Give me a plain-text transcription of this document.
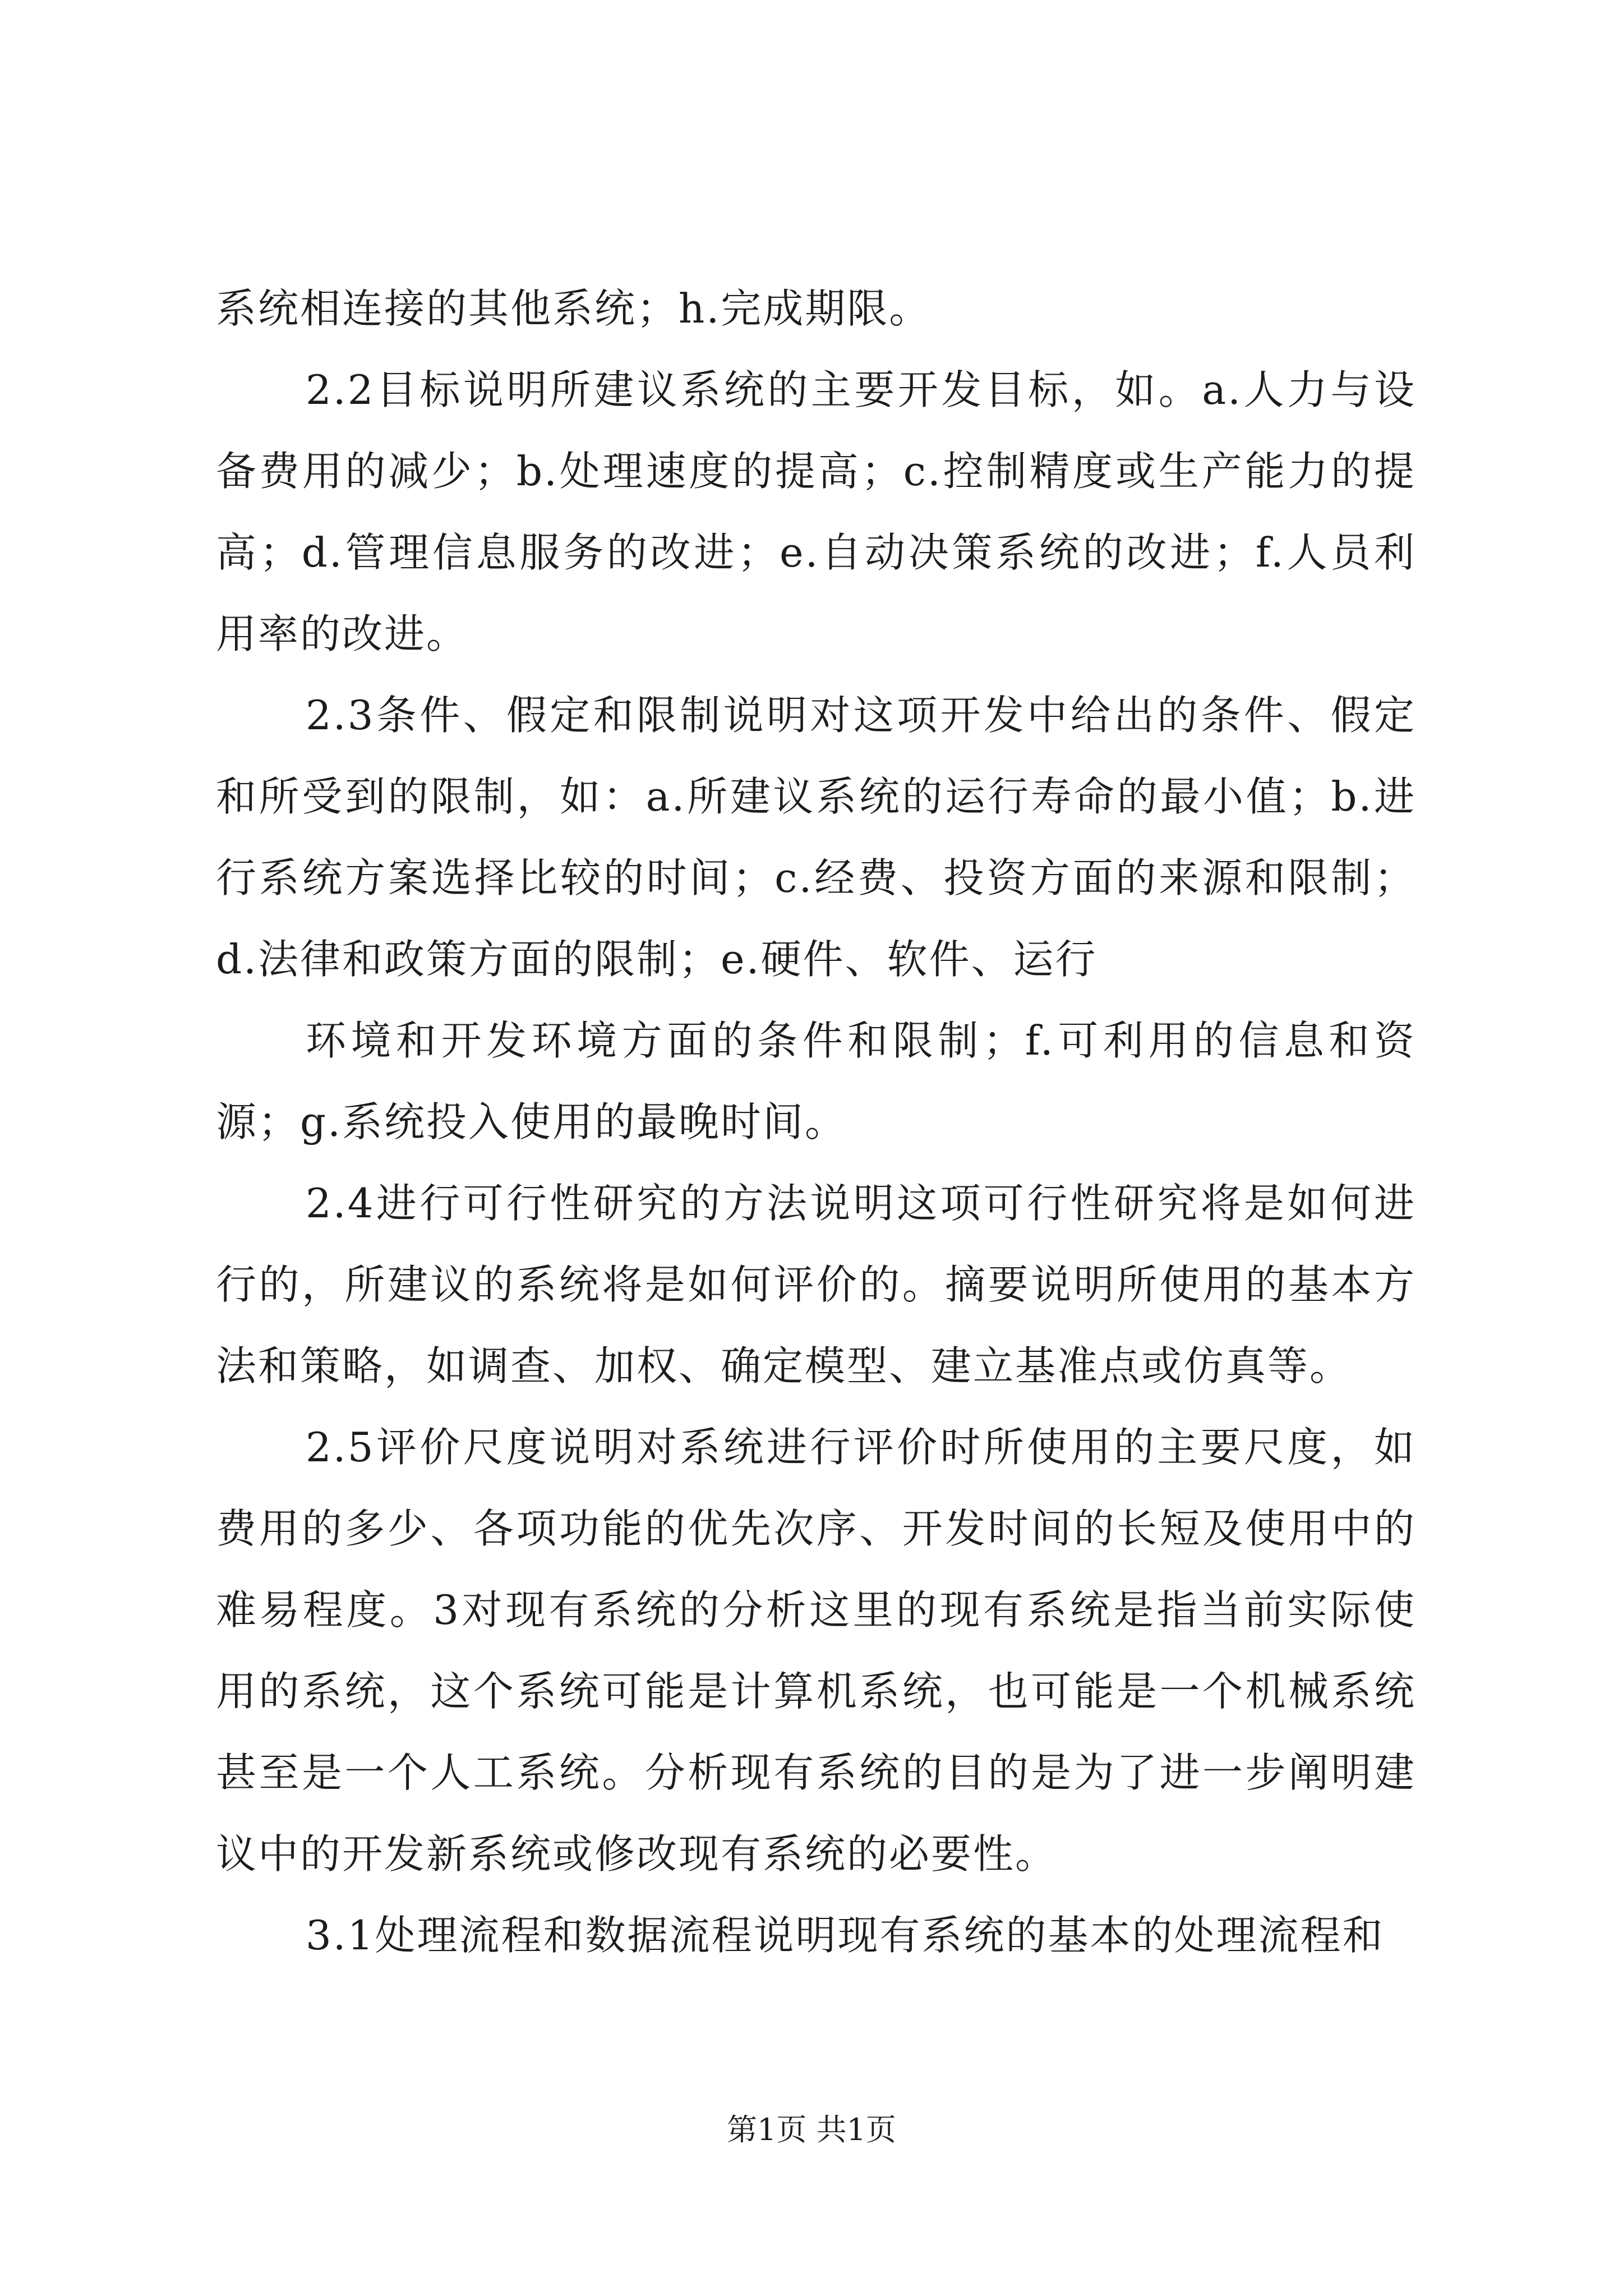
系统相连接的其他系统；h.完成期限。

2.2目标说明所建议系统的主要开发目标，如。a.人力与设备费用的减少；b.处理速度的提高；c.控制精度或生产能力的提高；d.管理信息服务的改进；e.自动决策系统的改进；f.人员利用率的改进。

2.3条件、假定和限制说明对这项开发中给出的条件、假定和所受到的限制，如：a.所建议系统的运行寿命的最小值；b.进行系统方案选择比较的时间；c.经费、投资方面的来源和限制；d.法律和政策方面的限制；e.硬件、软件、运行

环境和开发环境方面的条件和限制；f.可利用的信息和资源；g.系统投入使用的最晚时间。

2.4进行可行性研究的方法说明这项可行性研究将是如何进行的，所建议的系统将是如何评价的。摘要说明所使用的基本方法和策略，如调查、加权、确定模型、建立基准点或仿真等。

2.5评价尺度说明对系统进行评价时所使用的主要尺度，如费用的多少、各项功能的优先次序、开发时间的长短及使用中的难易程度。3对现有系统的分析这里的现有系统是指当前实际使用的系统，这个系统可能是计算机系统，也可能是一个机械系统甚至是一个人工系统。分析现有系统的目的是为了进一步阐明建议中的开发新系统或修改现有系统的必要性。

3.1处理流程和数据流程说明现有系统的基本的处理流程和

第1页 共1页
